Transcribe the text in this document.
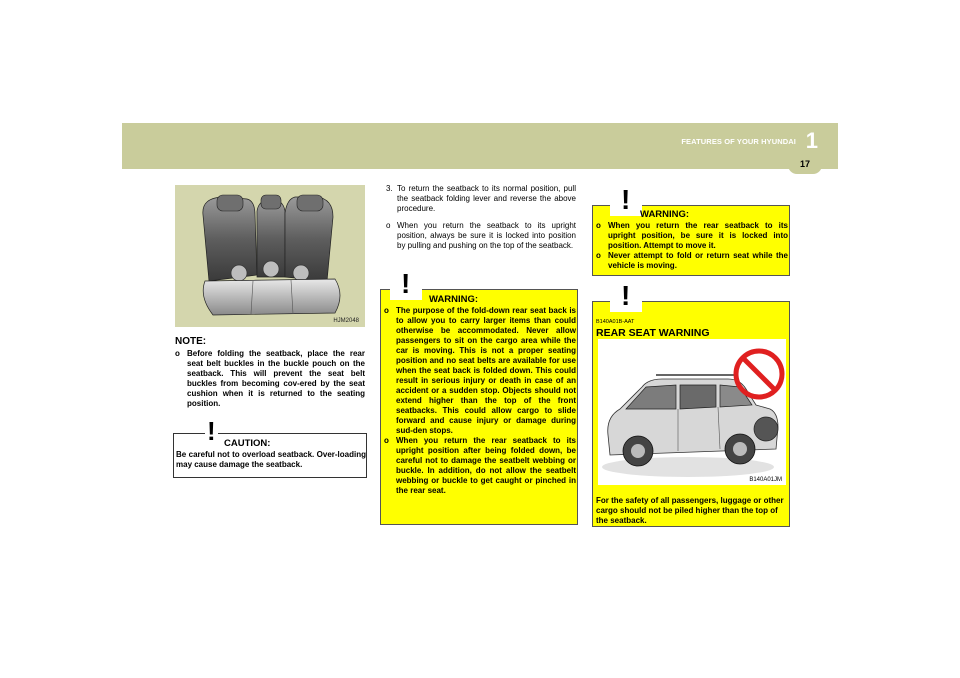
FEATURES OF YOUR HYUNDAI 1
17
HJM2048
NOTE:
o Before folding the seatback, place the rear seat belt buckles in the buckle pouch on the seatback. This will prevent the seat belt buckles from becoming cov-ered by the seat cushion when it is returned to the seating position.
! CAUTION:
Be careful not to overload seatback. Over-loading may cause damage the seatback.
3. To return the seatback to its normal position, pull the seatback folding lever and reverse the above procedure.
o When you return the seatback to its upright position, always be sure it is locked into position by pulling and pushing on the top of the seatback.
!
WARNING:
o The purpose of the fold-down rear seat back is to allow you to carry larger items than could otherwise be accommodated. Never allow passengers to sit on the cargo area while the car is moving. This is not a proper seating position and no seat belts are available for use when the seat back is folded down. This could result in serious injury or death in case of an accident or a sudden stop. Objects should not extend higher than the top of the front seatbacks. This could allow cargo to slide forward and cause injury or damage during sud-den stops.
o When you return the rear seatback to its upright position after being folded down, be careful not to damage the seatbelt webbing or buckle. In addition, do not allow the seatbelt webbing or buckle to get caught or pinched in the rear seat.
! WARNING:
o When you return the rear seatback to its upright position, be sure it is locked into position. Attempt to move it.
o Never attempt to fold or return seat while the vehicle is moving.
!
B140A01B-AAT
REAR SEAT WARNING
B140A01JM
For the safety of all passengers, luggage or other cargo should not be piled higher than the top of the seatback.
